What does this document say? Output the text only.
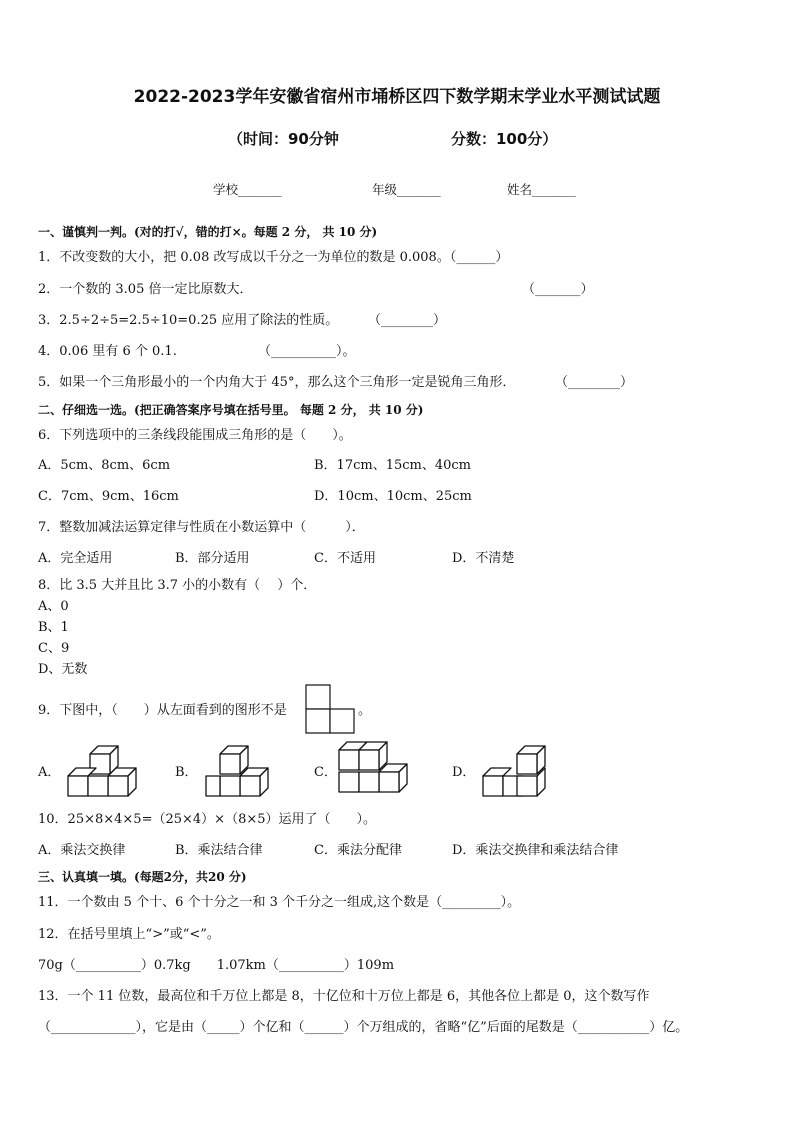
2022-2023学年安徽省宿州市埇桥区四下数学期末学业水平测试试题
（时间：90分钟	分数：100分）
学校_______	年级_______	姓名_______
一、谨慎判一判。(对的打√，错的打×。每题 2 分， 共 10 分)
1．不改变数的大小，把 0.08 改写成以千分之一为单位的数是 0.008。（______）
2．一个数的 3.05 倍一定比原数大．	（_______）
3．2.5÷2÷5=2.5÷10=0.25 应用了除法的性质。 （________）
4．0.06 里有 6 个 0.1.	（__________）。
5．如果一个三角形最小的一个内角大于 45°，那么这个三角形一定是锐角三角形．	（________）
二、仔细选一选。(把正确答案序号填在括号里。 每题 2 分， 共 10 分)
6．下列选项中的三条线段能围成三角形的是（　　）。
A．5cm、8cm、6cm	B．17cm、15cm、40cm
C．7cm、9cm、16cm	D．10cm、10cm、25cm
7．整数加减法运算定律与性质在小数运算中（　　　）．
A．完全适用	B．部分适用	C．不适用	D．不清楚
8．比 3.5 大并且比 3.7 小的小数有（　 ）个．
A、0
B、1
C、9
D、无数
9．下图中，（　　）从左面看到的图形不是	。
A．	B．	C．	D．
10．25×8×4×5=（25×4）×（8×5）运用了（　　）。
A．乘法交换律	B．乘法结合律	C．乘法分配律	D．乘法交换律和乘法结合律
三、认真填一填。(每题2分，共20 分)
11．一个数由 5 个十、6 个十分之一和 3 个千分之一组成,这个数是（_________）。
12．在括号里填上“>”或“<”。
70g（__________）0.7kg　　1.07km（__________）109m
13．一个 11 位数，最高位和千万位上都是 8，十亿位和十万位上都是 6，其他各位上都是 0，这个数写作
（_____________），它是由（_____）个亿和（______）个万组成的，省略“亿”后面的尾数是（___________）亿。
